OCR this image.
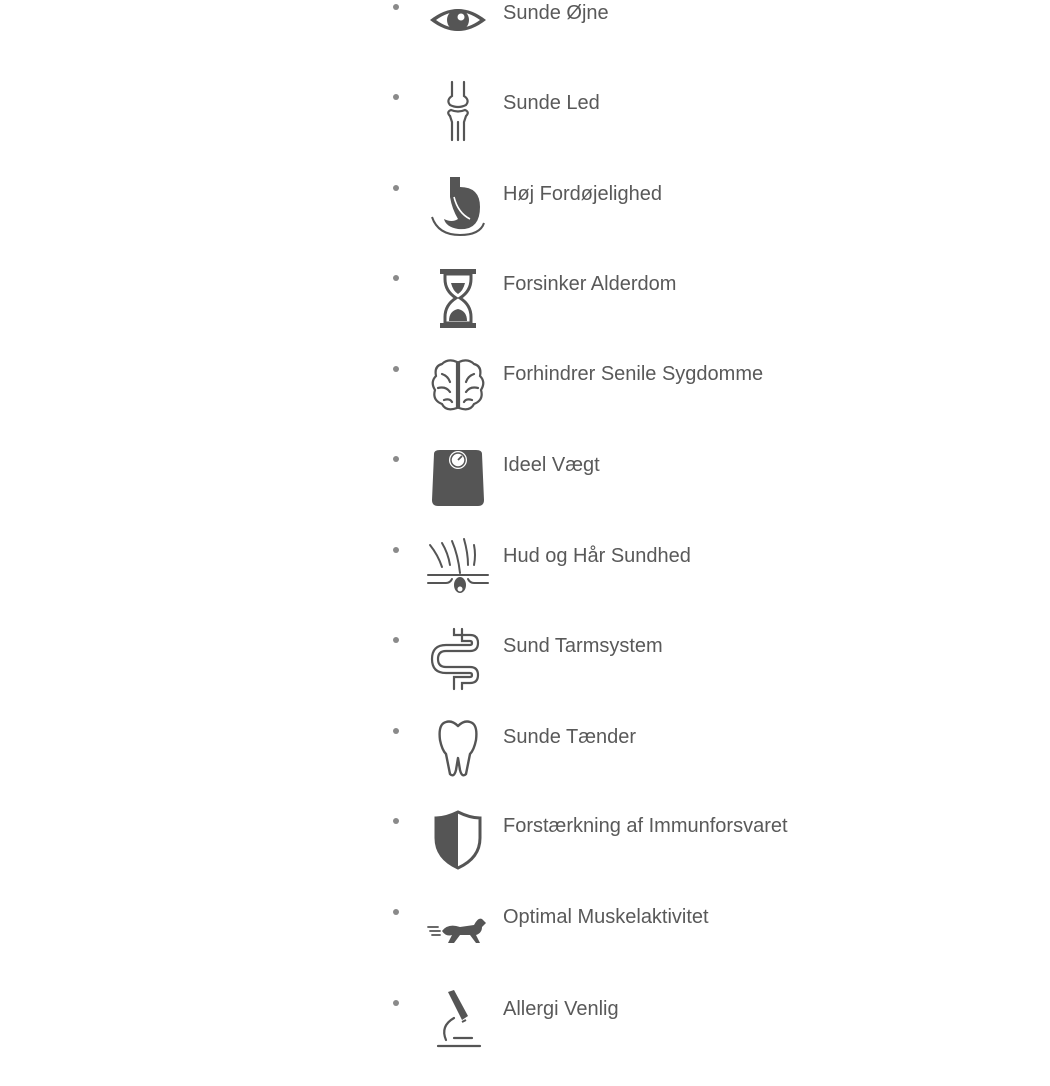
Sunde Øjne
Sunde Led
Høj Fordøjelighed
Forsinker Alderdom
Forhindrer Senile Sygdomme
Ideel Vægt
Hud og Hår Sundhed
Sund Tarmsystem
Sunde Tænder
Forstærkning af Immunforsvaret
Optimal Muskelaktivitet
Allergi Venlig
